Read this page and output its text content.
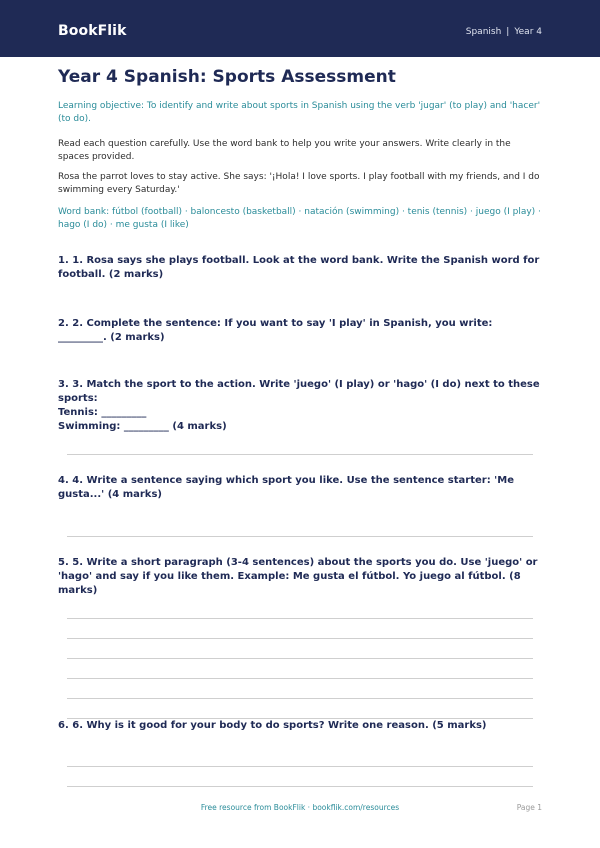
BookFlik	Spanish | Year 4
Year 4 Spanish: Sports Assessment
Learning objective: To identify and write about sports in Spanish using the verb 'jugar' (to play) and 'hacer' (to do).
Read each question carefully. Use the word bank to help you write your answers. Write clearly in the spaces provided.
Rosa the parrot loves to stay active. She says: '¡Hola! I love sports. I play football with my friends, and I do swimming every Saturday.'
Word bank: fútbol (football) · baloncesto (basketball) · natación (swimming) · tenis (tennis) · juego (I play) · hago (I do) · me gusta (I like)
1. 1. Rosa says she plays football. Look at the word bank. Write the Spanish word for football. (2 marks)
2. 2. Complete the sentence: If you want to say 'I play' in Spanish, you write: _________. (2 marks)
3. 3. Match the sport to the action. Write 'juego' (I play) or 'hago' (I do) next to these sports:
Tennis: _________
Swimming: _________ (4 marks)
4. 4. Write a sentence saying which sport you like. Use the sentence starter: 'Me gusta...' (4 marks)
5. 5. Write a short paragraph (3-4 sentences) about the sports you do. Use 'juego' or 'hago' and say if you like them. Example: Me gusta el fútbol. Yo juego al fútbol. (8 marks)
6. 6. Why is it good for your body to do sports? Write one reason. (5 marks)
Free resource from BookFlik · bookflik.com/resources	Page 1
